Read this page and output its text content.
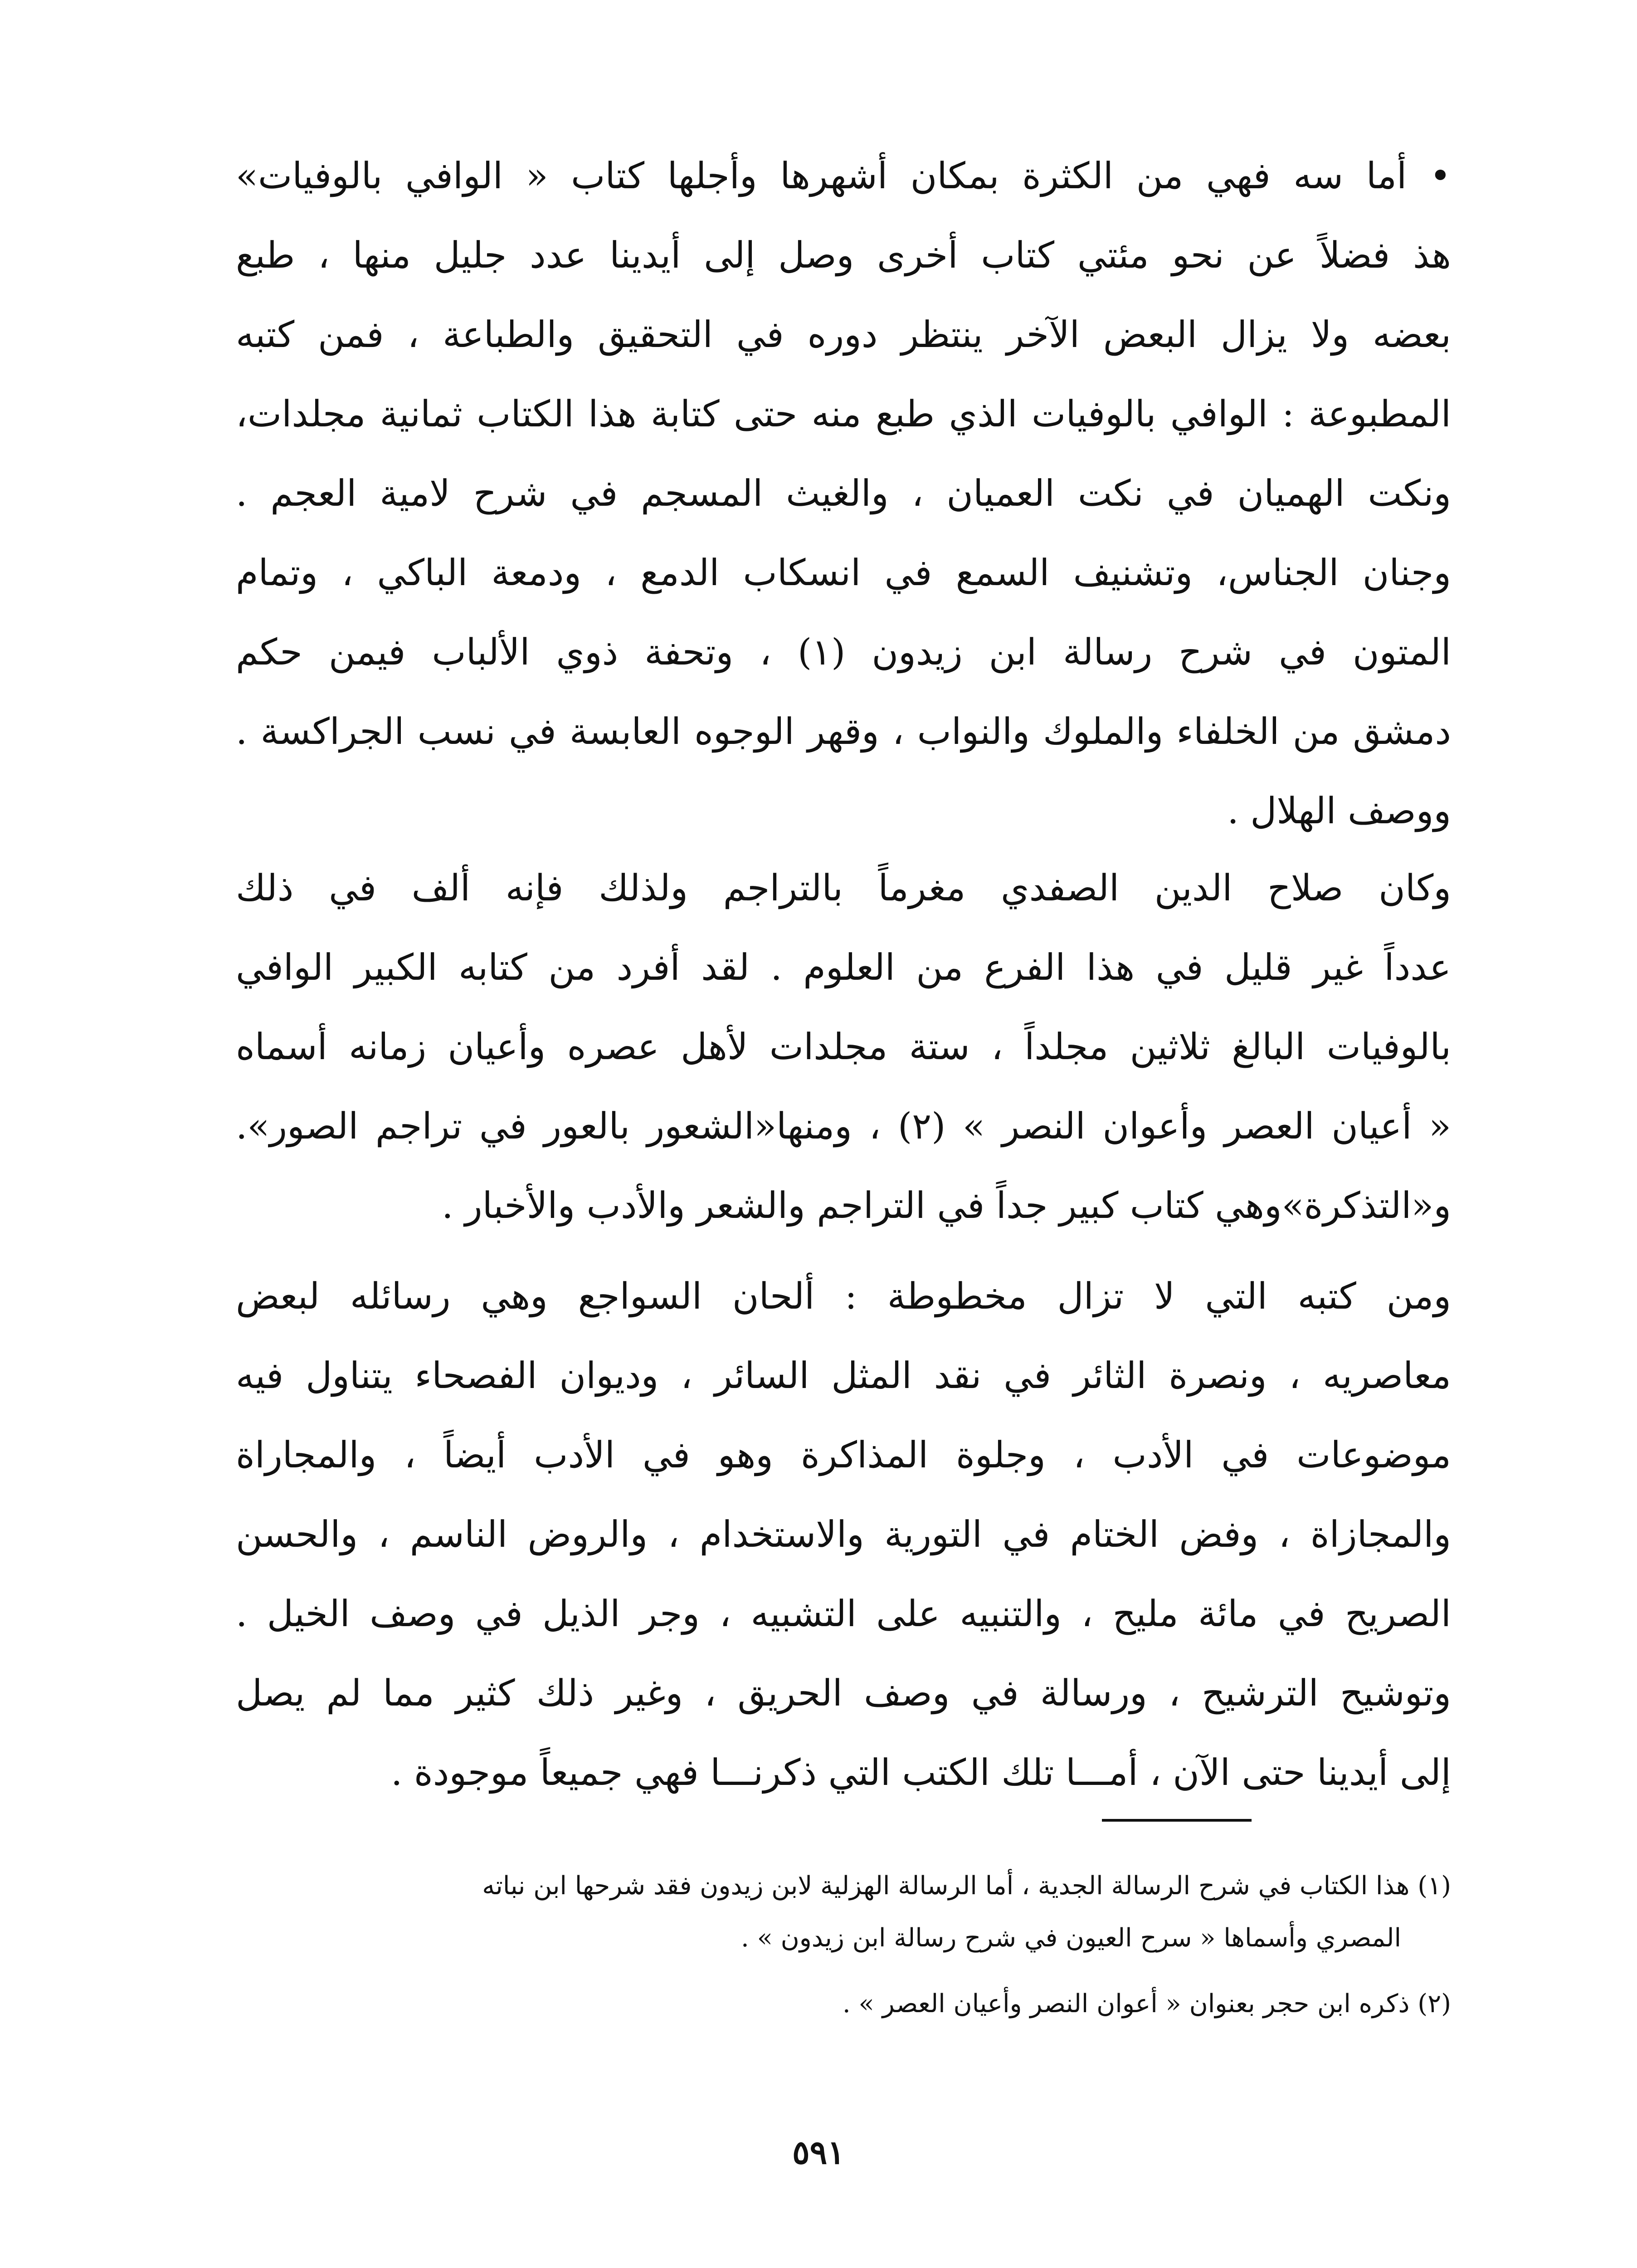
• أما سه فهي من الكثرة بمكان أشهرها وأجلها كتاب « الوافي بالوفيات»
هذ فضلاً عن نحو مئتي كتاب أخرى وصل إلى أيدينا عدد جليل منها ، طبع
بعضه ولا يزال البعض الآخر ينتظر دوره في التحقيق والطباعة ، فمن كتبه
المطبوعة : الوافي بالوفيات الذي طبع منه حتى كتابة هذا الكتاب ثمانية مجلدات،
ونكت الهميان في نكت العميان ، والغيث المسجم في شرح لامية العجم .
وجنان الجناس، وتشنيف السمع في انسكاب الدمع ، ودمعة الباكي ، وتمام
المتون في شرح رسالة ابن زيدون (١) ، وتحفة ذوي الألباب فيمن حكم
دمشق من الخلفاء والملوك والنواب ، وقهر الوجوه العابسة في نسب الجراكسة .
ووصف الهلال .
وكان صلاح الدين الصفدي مغرماً بالتراجم ولذلك فإنه ألف في ذلك
عدداً غير قليل في هذا الفرع من العلوم . لقد أفرد من كتابه الكبير الوافي
بالوفيات البالغ ثلاثين مجلداً ، ستة مجلدات لأهل عصره وأعيان زمانه أسماه
« أعيان العصر وأعوان النصر » (٢) ، ومنها«الشعور بالعور في تراجم الصور».
و«التذكرة»وهي كتاب كبير جداً في التراجم والشعر والأدب والأخبار .
ومن كتبه التي لا تزال مخطوطة : ألحان السواجع وهي رسائله لبعض
معاصريه ، ونصرة الثائر في نقد المثل السائر ، وديوان الفصحاء يتناول فيه
موضوعات في الأدب ، وجلوة المذاكرة وهو في الأدب أيضاً ، والمجاراة
والمجازاة ، وفض الختام في التورية والاستخدام ، والروض الناسم ، والحسن
الصريح في مائة مليح ، والتنبيه على التشبيه ، وجر الذيل في وصف الخيل .
وتوشيح الترشيح ، ورسالة في وصف الحريق ، وغير ذلك كثير مما لم يصل
إلى أيدينا حتى الآن ، أمـــا تلك الكتب التي ذكرنـــا فهي جميعاً موجودة .
(١) هذا الكتاب في شرح الرسالة الجدية ، أما الرسالة الهزلية لابن زيدون فقد شرحها ابن نباته
المصري وأسماها « سرح العيون في شرح رسالة ابن زيدون » .
(٢) ذكره ابن حجر بعنوان « أعوان النصر وأعيان العصر » .
٥٩١
